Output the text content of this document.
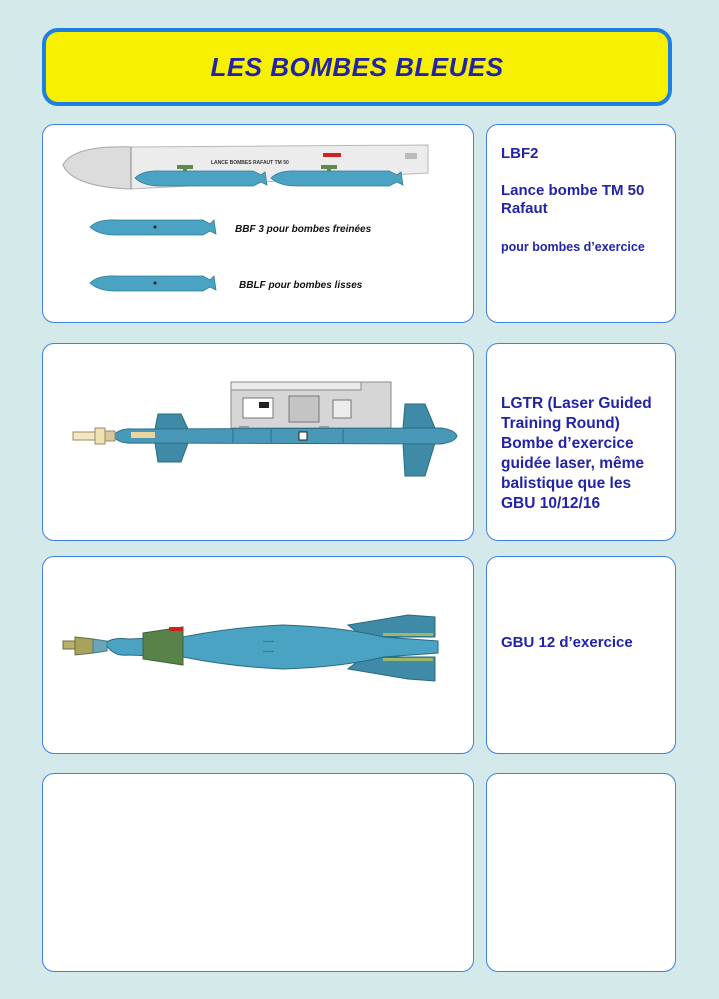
LES BOMBES BLEUES
LANCE BOMBES RAFAUT TM 50
BBF 3 pour bombes freinées
BBLF pour bombes lisses
LBF2
Lance bombe TM 50 Rafaut
pour bombes d’exercice
LGTR (Laser Guided Training Round) Bombe d’exercice guidée laser, même balistique que les GBU 10/12/16
▪▪▪▪▪▪
▪▪▪▪▪▪
GBU 12 d’exercice
